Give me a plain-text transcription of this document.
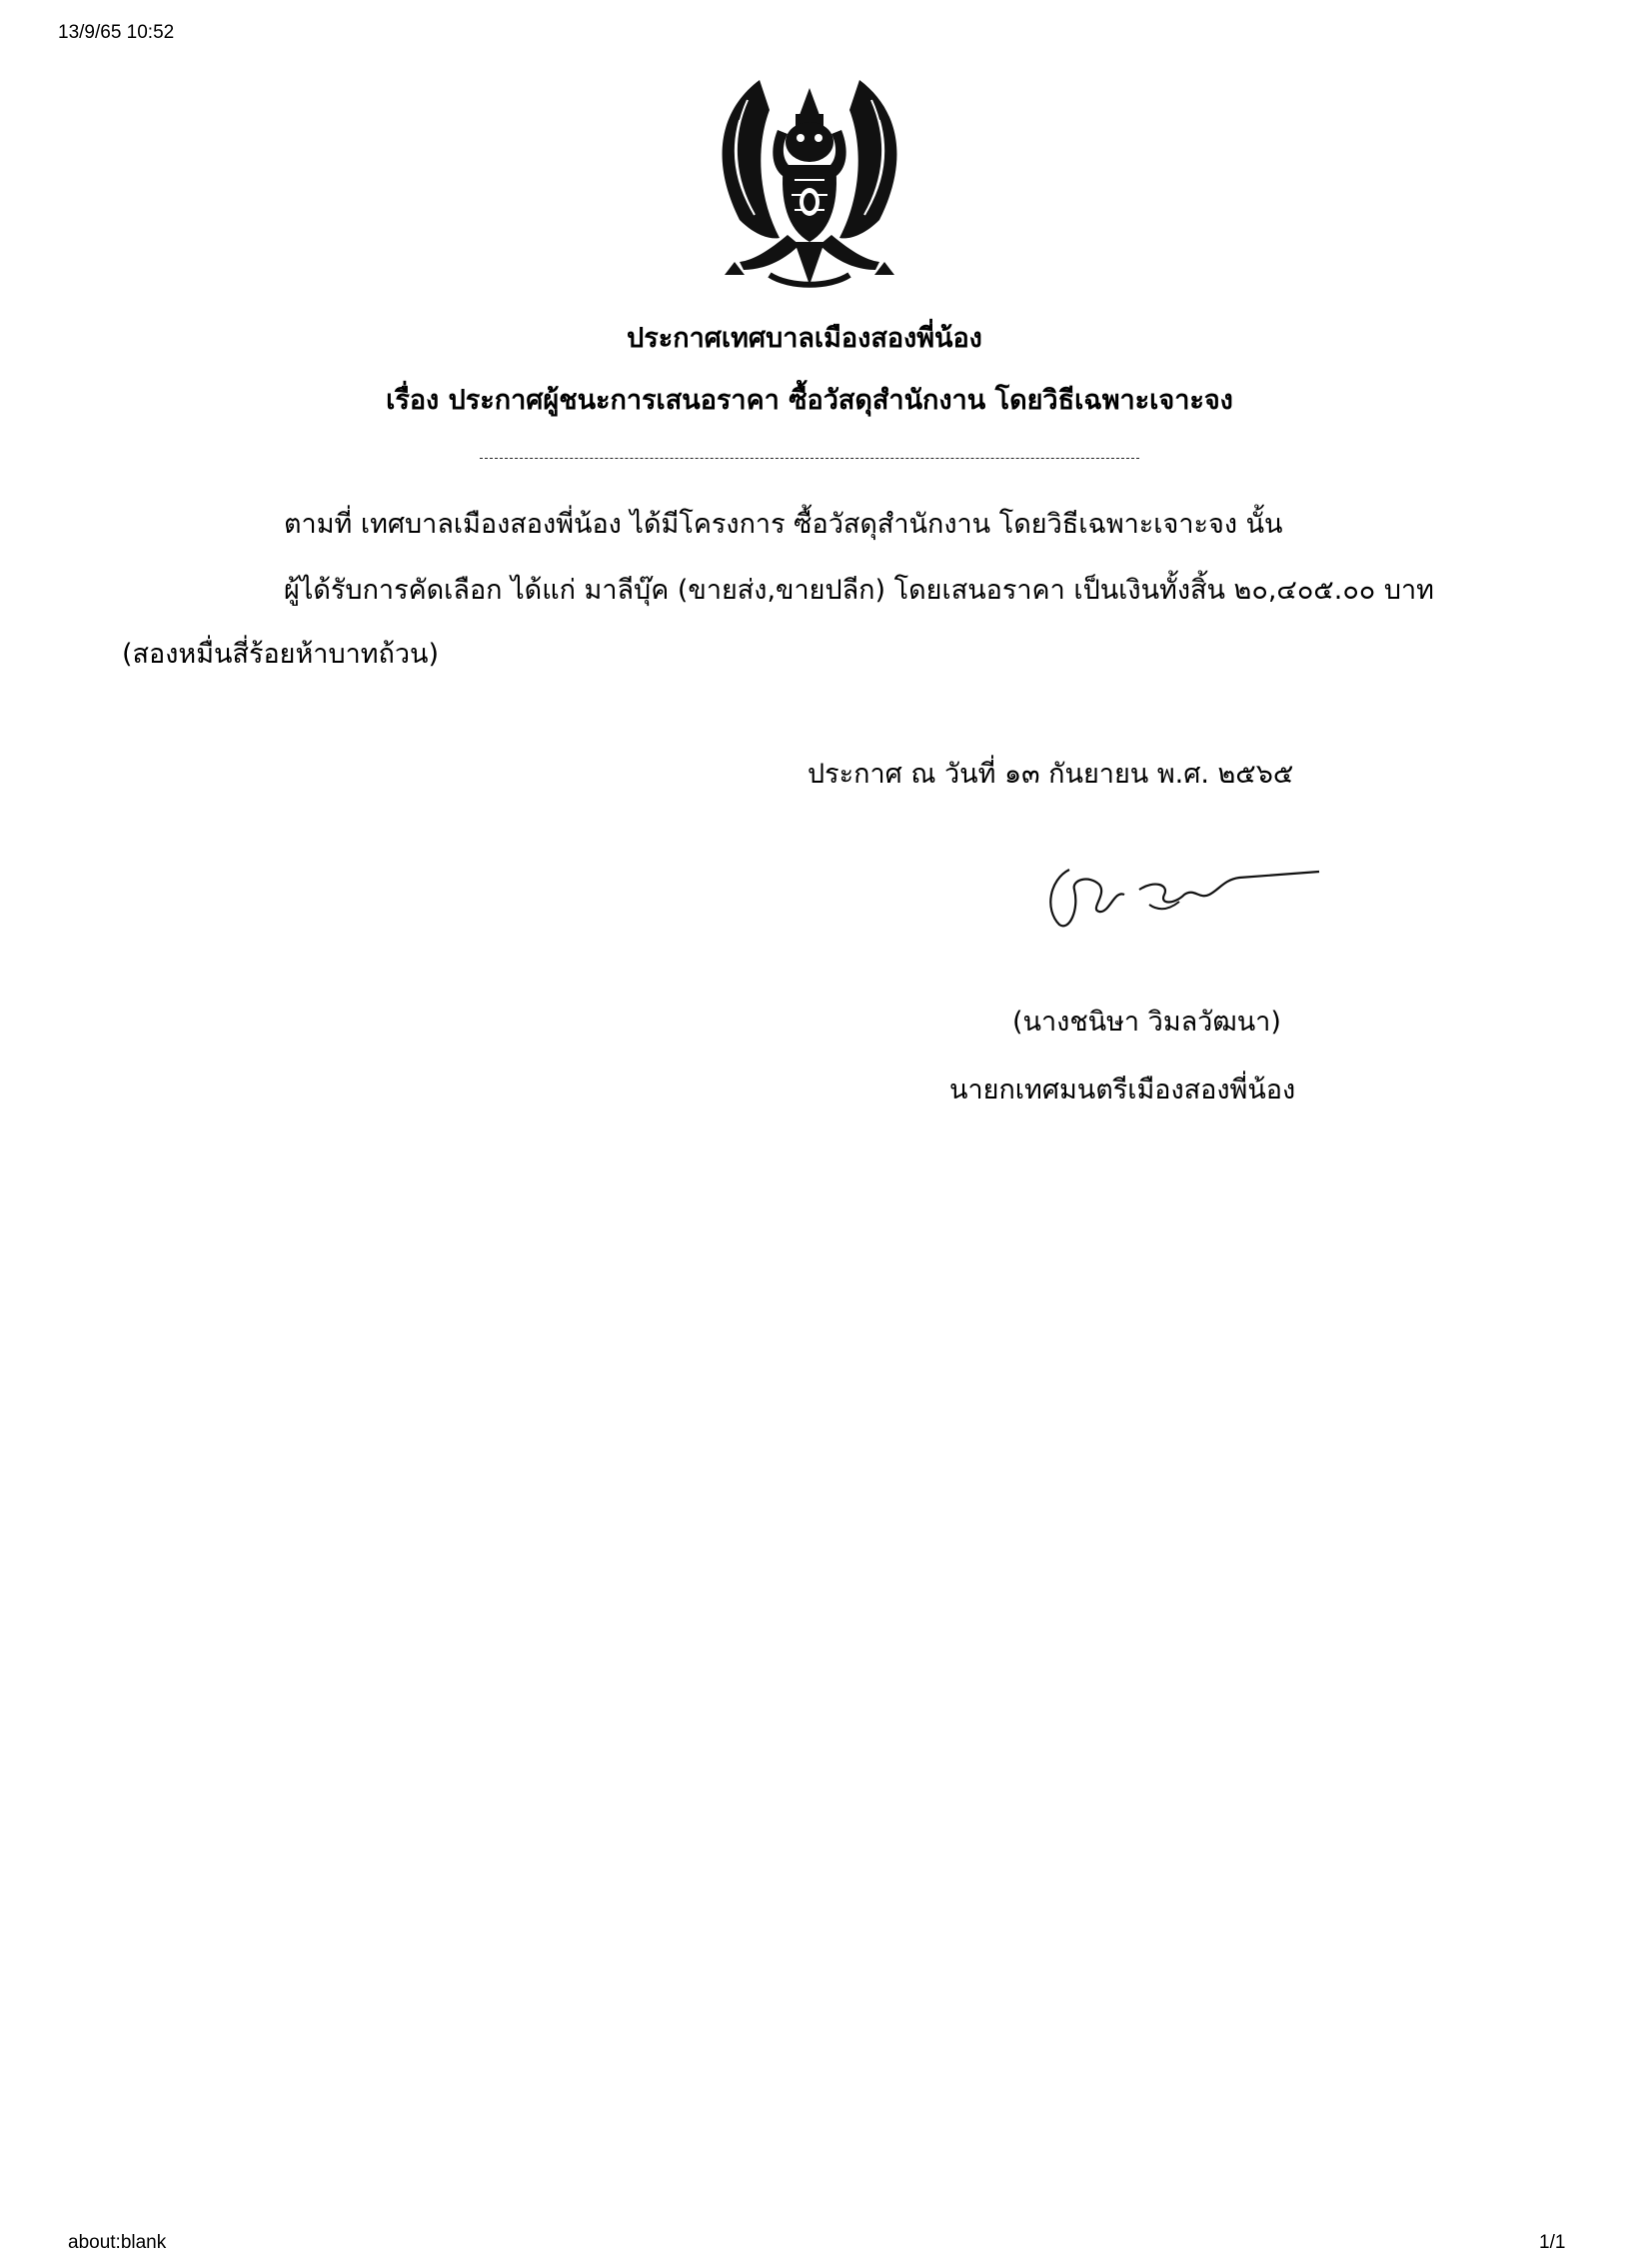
13/9/65 10:52
ประกาศเทศบาลเมืองสองพี่น้อง
เรื่อง ประกาศผู้ชนะการเสนอราคา ซื้อวัสดุสำนักงาน โดยวิธีเฉพาะเจาะจง
ตามที่ เทศบาลเมืองสองพี่น้อง ได้มีโครงการ ซื้อวัสดุสำนักงาน โดยวิธีเฉพาะเจาะจง นั้น
ผู้ได้รับการคัดเลือก ได้แก่ มาลีบุ๊ค (ขายส่ง,ขายปลีก) โดยเสนอราคา เป็นเงินทั้งสิ้น ๒๐,๔๐๕.๐๐ บาท
(สองหมื่นสี่ร้อยห้าบาทถ้วน)
ประกาศ ณ วันที่ ๑๓ กันยายน พ.ศ. ๒๕๖๕
(นางชนิษา วิมลวัฒนา)
นายกเทศมนตรีเมืองสองพี่น้อง
about:blank	1/1
